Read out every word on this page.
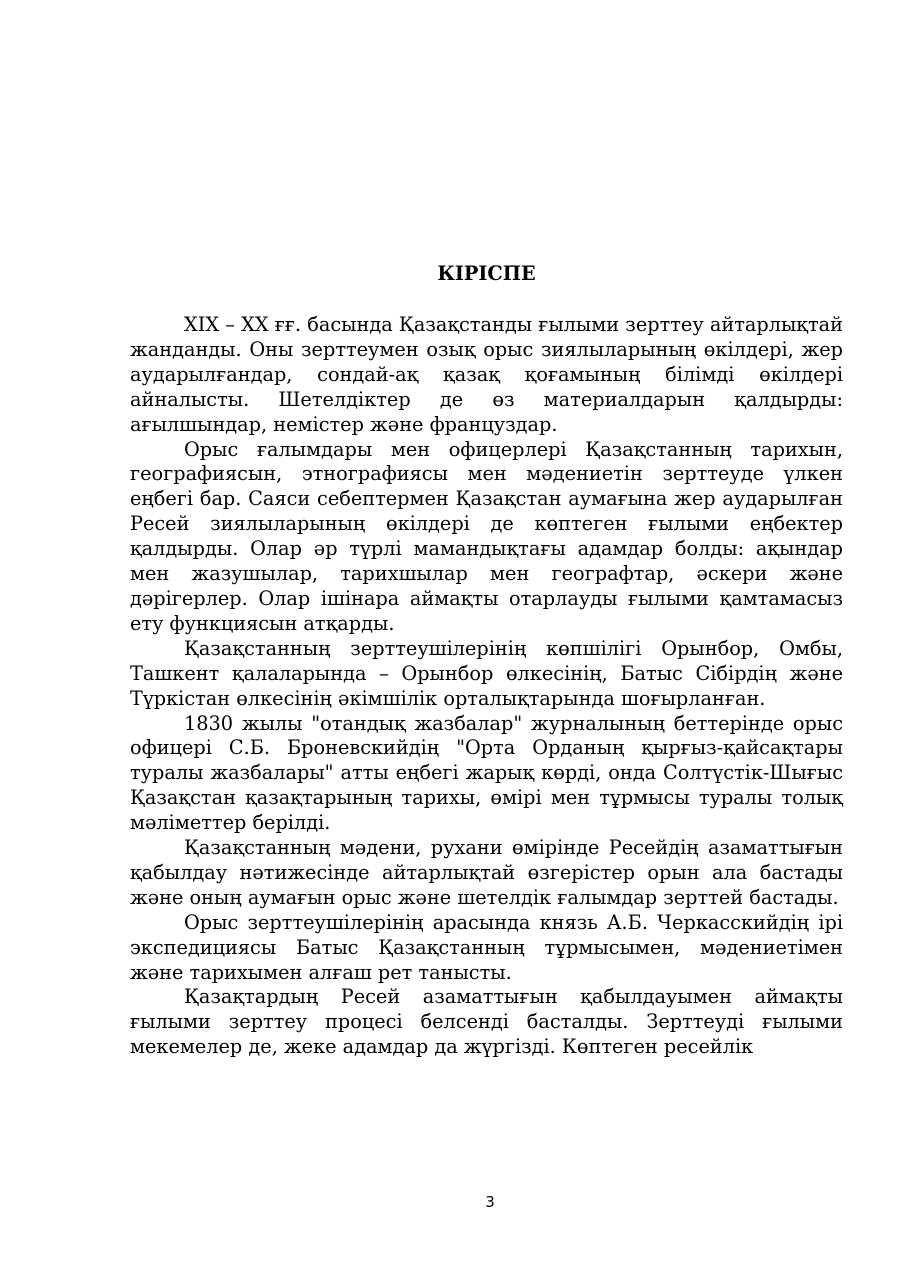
КІРІСПЕ

XIX – XX ғғ. басында Қазақстанды ғылыми зерттеу айтарлықтай жанданды. Оны зерттеумен озық орыс зиялыларының өкілдері, жер аударылғандар, сондай-ақ қазақ қоғамының білімді өкілдері айналысты. Шетелдіктер де өз материалдарын қалдырды: ағылшындар, немістер және француздар.

Орыс ғалымдары мен офицерлері Қазақстанның тарихын, географиясын, этнографиясы мен мәдениетін зерттеуде үлкен еңбегі бар. Саяси себептермен Қазақстан аумағына жер аударылған Ресей зиялыларының өкілдері де көптеген ғылыми еңбектер қалдырды. Олар әр түрлі мамандықтағы адамдар болды: ақындар мен жазушылар, тарихшылар мен географтар, әскери және дәрігерлер. Олар ішінара аймақты отарлауды ғылыми қамтамасыз ету функциясын атқарды.

Қазақстанның зерттеушілерінің көпшілігі Орынбор, Омбы, Ташкент қалаларында – Орынбор өлкесінің, Батыс Сібірдің және Түркістан өлкесінің әкімшілік орталықтарында шоғырланған.

1830 жылы "отандық жазбалар" журналының беттерінде орыс офицері С.Б. Броневскийдің "Орта Орданың қырғыз-қайсақтары туралы жазбалары" атты еңбегі жарық көрді, онда Солтүстік-Шығыс Қазақстан қазақтарының тарихы, өмірі мен тұрмысы туралы толық мәліметтер берілді.

Қазақстанның мәдени, рухани өмірінде Ресейдің азаматтығын қабылдау нәтижесінде айтарлықтай өзгерістер орын ала бастады және оның аумағын орыс және шетелдік ғалымдар зерттей бастады.

Орыс зерттеушілерінің арасында князь А.Б. Черкасскийдің ірі экспедициясы Батыс Қазақстанның тұрмысымен, мәдениетімен және тарихымен алғаш рет танысты.

Қазақтардың Ресей азаматтығын қабылдауымен аймақты ғылыми зерттеу процесі белсенді басталды. Зерттеуді ғылыми мекемелер де, жеке адамдар да жүргізді. Көптеген ресейлік

3
